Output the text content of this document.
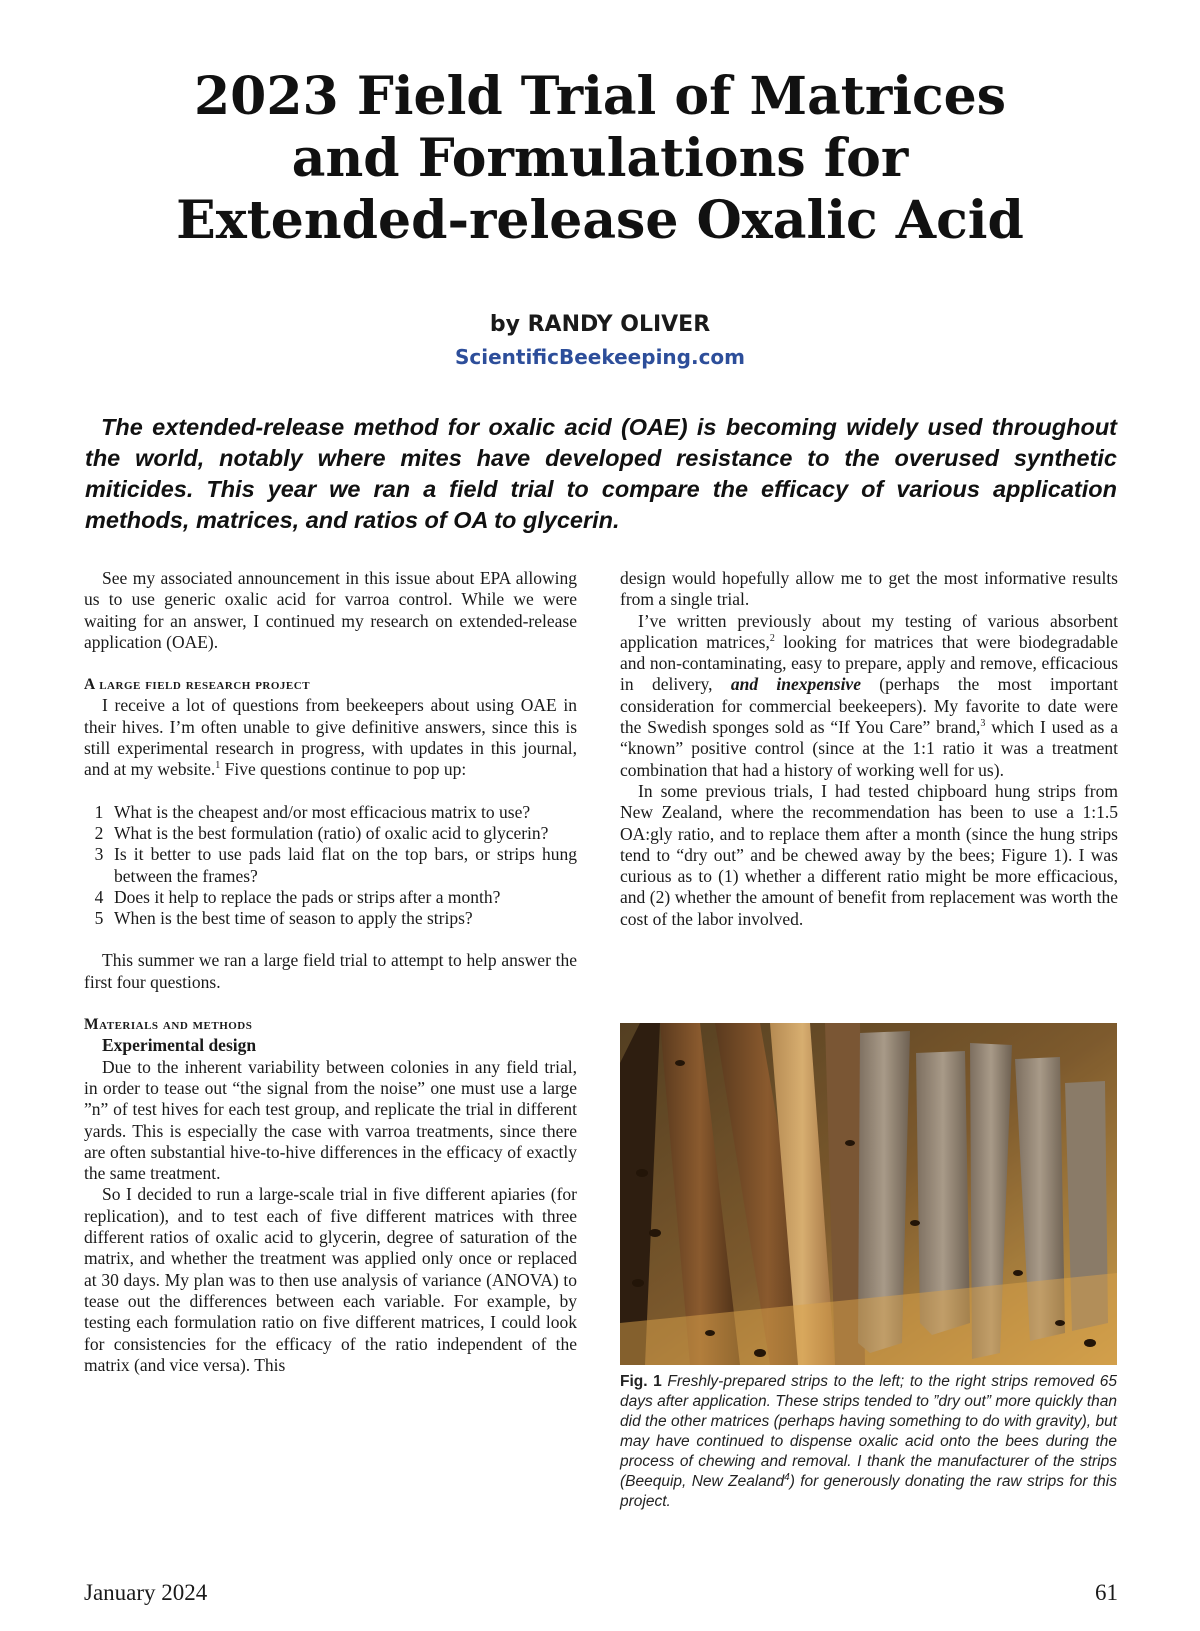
2023 Field Trial of Matrices
and Formulations for
Extended-release Oxalic Acid
by RANDY OLIVER
ScientificBeekeeping.com

The extended-release method for oxalic acid (OAE) is becoming widely used throughout the world, notably where mites have developed resistance to the overused synthetic miticides. This year we ran a field trial to compare the efficacy of various application methods, matrices, and ratios of OA to glycerin.

See my associated announcement in this issue about EPA allowing us to use generic oxalic acid for varroa control. While we were waiting for an answer, I continued my research on extended-release application (OAE).

A large field research project

I receive a lot of questions from beekeepers about using OAE in their hives. I’m often unable to give definitive answers, since this is still experimental research in progress, with updates in this journal, and at my website.$^1$ Five questions continue to pop up:

1 What is the cheapest and/or most efficacious matrix to use?
2 What is the best formulation (ratio) of oxalic acid to glycerin?
3 Is it better to use pads laid flat on the top bars, or strips hung between the frames?
4 Does it help to replace the pads or strips after a month?
5 When is the best time of season to apply the strips?

This summer we ran a large field trial to attempt to help answer the first four questions.

Materials and methods
Experimental design

Due to the inherent variability between colonies in any field trial, in order to tease out “the signal from the noise” one must use a large ”n” of test hives for each test group, and replicate the trial in different yards. This is especially the case with varroa treatments, since there are often substantial hive-to-hive differences in the efficacy of exactly the same treatment.

So I decided to run a large-scale trial in five different apiaries (for replication), and to test each of five different matrices with three different ratios of oxalic acid to glycerin, degree of saturation of the matrix, and whether the treatment was applied only once or replaced at 30 days. My plan was to then use analysis of variance (ANOVA) to tease out the differences between each variable. For example, by testing each formulation ratio on five different matrices, I could look for consistencies for the efficacy of the ratio independent of the matrix (and vice versa). This

design would hopefully allow me to get the most informative results from a single trial.

I’ve written previously about my testing of various absorbent application matrices,$^2$ looking for matrices that were biodegradable and non-contaminating, easy to prepare, apply and remove, efficacious in delivery, and inexpensive (perhaps the most important consideration for commercial beekeepers). My favorite to date were the Swedish sponges sold as “If You Care” brand,$^3$ which I used as a “known” positive control (since at the 1:1 ratio it was a treatment combination that had a history of working well for us).

In some previous trials, I had tested chipboard hung strips from New Zealand, where the recommendation has been to use a 1:1.5 OA:gly ratio, and to replace them after a month (since the hung strips tend to “dry out” and be chewed away by the bees; Figure 1). I was curious as to (1) whether a different ratio might be more efficacious, and (2) whether the amount of benefit from replacement was worth the cost of the labor involved.

Fig. 1 Freshly-prepared strips to the left; to the right strips removed 65 days after application. These strips tended to ”dry out” more quickly than did the other matrices (perhaps having something to do with gravity), but may have continued to dispense oxalic acid onto the bees during the process of chewing and removal. I thank the manufacturer of the strips (Beequip, New Zealand$^4$) for generously donating the raw strips for this project.

January 2024	61
